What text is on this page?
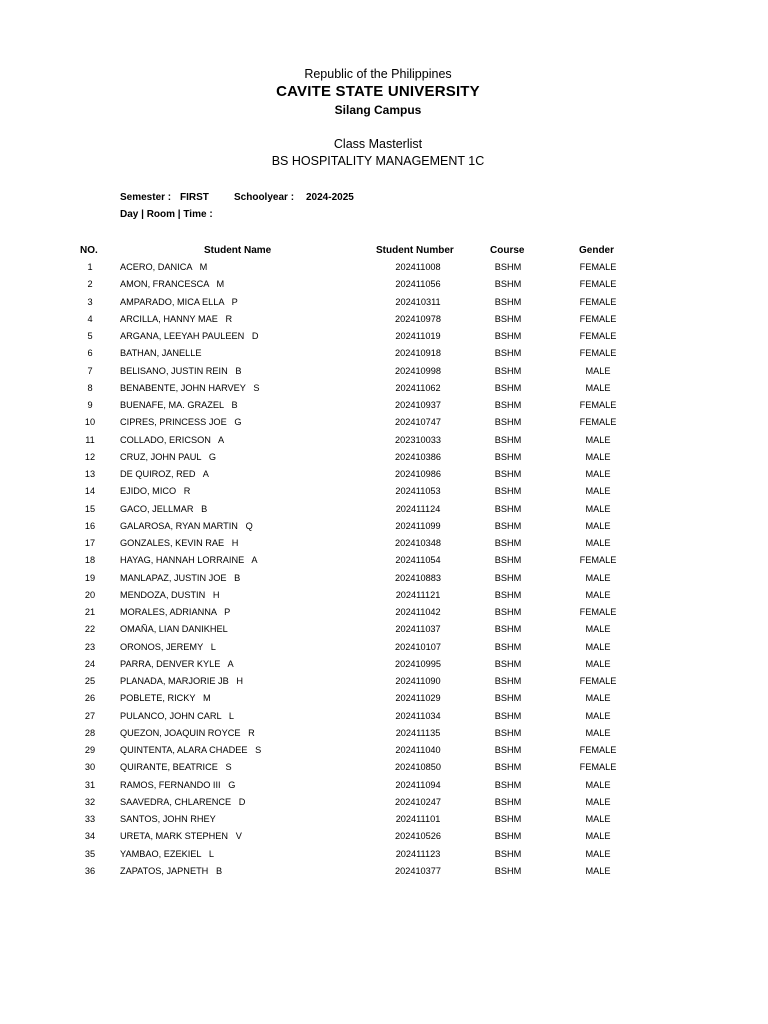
Republic of the Philippines
CAVITE STATE UNIVERSITY
Silang Campus
Class Masterlist
BS HOSPITALITY MANAGEMENT 1C
Semester : FIRST	Schoolyear : 2024-2025
Day | Room | Time :
NO.	Student Name	Student Number	Course	Gender
1	ACERO, DANICA   M	202411008	BSHM	FEMALE
2	AMON, FRANCESCA   M	202411056	BSHM	FEMALE
3	AMPARADO, MICA ELLA   P	202410311	BSHM	FEMALE
4	ARCILLA, HANNY MAE   R	202410978	BSHM	FEMALE
5	ARGANA, LEEYAH PAULEEN   D	202411019	BSHM	FEMALE
6	BATHAN, JANELLE	202410918	BSHM	FEMALE
7	BELISANO, JUSTIN REIN   B	202410998	BSHM	MALE
8	BENABENTE, JOHN HARVEY   S	202411062	BSHM	MALE
9	BUENAFE, MA. GRAZEL   B	202410937	BSHM	FEMALE
10	CIPRES, PRINCESS JOE   G	202410747	BSHM	FEMALE
11	COLLADO, ERICSON   A	202310033	BSHM	MALE
12	CRUZ, JOHN PAUL   G	202410386	BSHM	MALE
13	DE QUIROZ, RED   A	202410986	BSHM	MALE
14	EJIDO, MICO   R	202411053	BSHM	MALE
15	GACO, JELLMAR   B	202411124	BSHM	MALE
16	GALAROSA, RYAN MARTIN   Q	202411099	BSHM	MALE
17	GONZALES, KEVIN RAE   H	202410348	BSHM	MALE
18	HAYAG, HANNAH LORRAINE   A	202411054	BSHM	FEMALE
19	MANLAPAZ, JUSTIN JOE   B	202410883	BSHM	MALE
20	MENDOZA, DUSTIN   H	202411121	BSHM	MALE
21	MORALES, ADRIANNA   P	202411042	BSHM	FEMALE
22	OMAÑA, LIAN DANIKHEL	202411037	BSHM	MALE
23	ORONOS, JEREMY   L	202410107	BSHM	MALE
24	PARRA, DENVER KYLE   A	202410995	BSHM	MALE
25	PLANADA, MARJORIE JB   H	202411090	BSHM	FEMALE
26	POBLETE, RICKY   M	202411029	BSHM	MALE
27	PULANCO, JOHN CARL   L	202411034	BSHM	MALE
28	QUEZON, JOAQUIN ROYCE   R	202411135	BSHM	MALE
29	QUINTENTA, ALARA CHADEE   S	202411040	BSHM	FEMALE
30	QUIRANTE, BEATRICE   S	202410850	BSHM	FEMALE
31	RAMOS, FERNANDO III   G	202411094	BSHM	MALE
32	SAAVEDRA, CHLARENCE   D	202410247	BSHM	MALE
33	SANTOS, JOHN RHEY	202411101	BSHM	MALE
34	URETA, MARK STEPHEN   V	202410526	BSHM	MALE
35	YAMBAO, EZEKIEL   L	202411123	BSHM	MALE
36	ZAPATOS, JAPNETH   B	202410377	BSHM	MALE
